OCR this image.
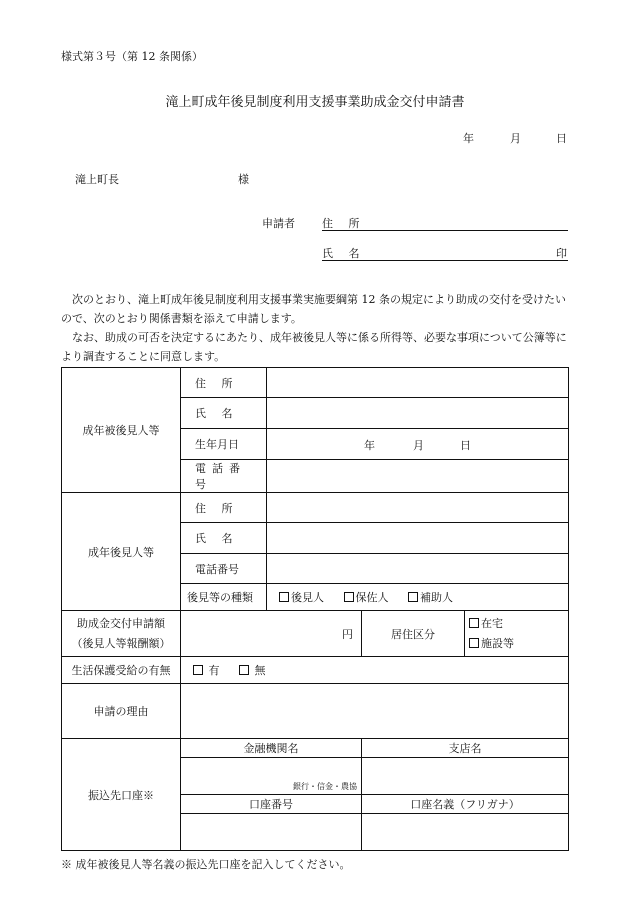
様式第３号（第 12 条関係）
滝上町成年後見制度利用支援事業助成金交付申請書
年	月	日
滝上町長	様
申請者 住 所
氏 名	印
次のとおり、滝上町成年後見制度利用支援事業実施要綱第 12 条の規定により助成の交付を受けたいので、次のとおり関係書類を添えて申請します。
なお、助成の可否を決定するにあたり、成年被後見人等に係る所得等、必要な事項について公簿等により調査することに同意します。
成年被後見人等	住 所			
	氏 名			
	生年月日	年 月 日		

	電話番号			
成年後見人等	住 所			
	氏 名			
	電話番号			
	後見等の種類	後見人 保佐人 補助人		
助成金交付申請額
（後見人等報酬額）	円		居住区分	在宅
施設等
生活保護受給の有無	有 無			
申請の理由				
振込先口座※	金融機関名		支店名	
	銀行・信金・農協			
	口座番号		口座名義（フリガナ）	

※ 成年被後見人等名義の振込先口座を記入してください。
